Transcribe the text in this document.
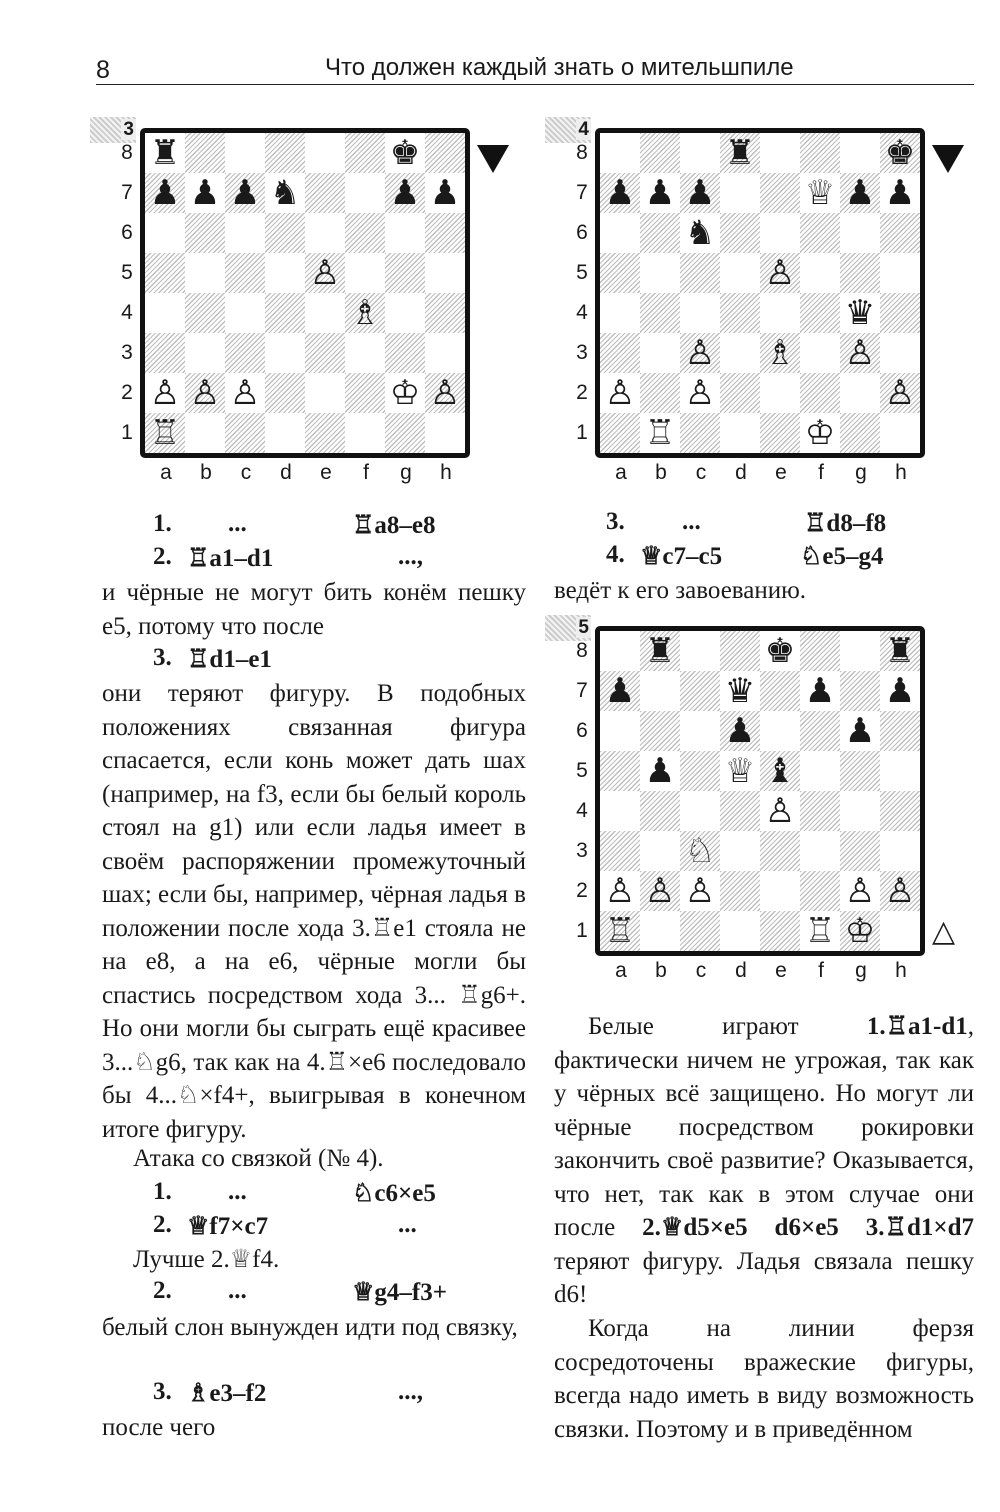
8	Что должен каждый знать о мительшпиле
3
♜	♚
♟ ♟ ♟ ♞	♟ ♟
♙
♗
♙ ♙ ♙	♔ ♙
♖
8
7
6
5
4
3
2
1
a	b	c	d	e	f	g	h
4
♜	♚
♟ ♟ ♟	♕ ♟ ♟
♞
♙
♛
♙ ♗ ♙
♙ ♙	♙
♖	♔
8
7
6
5
4
3
2
1
a	b	c	d	e	f	g	h
5
♜	♚	♜
♟	♛ ♟ ♟
♟	♟
♟ ♕ ♝
♙
♘
♙ ♙ ♙	♙ ♙
♖	♖ ♔
8
7
6
5
4
3
2
1
a	b	c	d	e	f	g	h
△
1. ...	♖a8–e8
2. ♖a1–d1	...,
и чёрные не могут бить конём пешку e5, потому что после
3. ♖d1–e1
они теряют фигуру. В подобных положениях связанная фигура спасается, если конь может дать шах (например, на f3, если бы белый король стоял на g1) или если ладья имеет в своём распоряжении промежуточный шах; если бы, например, чёрная ладья в положении после хода 3.♖e1 стояла не на e8, а на e6, чёрные могли бы спастись посредством хода 3... ♖g6+. Но они могли бы сыграть ещё красивее 3...♘g6, так как на 4.♖×e6 последовало бы 4...♘×f4+, выигрывая в конечном итоге фигуру.
Атака со связкой (№ 4).
1. ...	♘c6×e5
2. ♕f7×c7	...
Лучше 2.♕f4.
2. ...	♕g4–f3+
белый слон вынужден идти под связку,
3. ♗e3–f2	...,
после чего
3. ...	♖d8–f8
4. ♕c7–c5	♘e5–g4
ведёт к его завоеванию.
Белые играют 1.♖a1-d1, фактически ничем не угрожая, так как у чёрных всё защищено. Но могут ли чёрные посредством рокировки закончить своё развитие? Оказывается, что нет, так как в этом случае они после 2.♕d5×e5 d6×e5 3.♖d1×d7 теряют фигуру. Ладья связала пешку d6!
Когда на линии ферзя сосредоточены вражеские фигуры, всегда надо иметь в виду возможность связки. Поэтому и в приведённом
